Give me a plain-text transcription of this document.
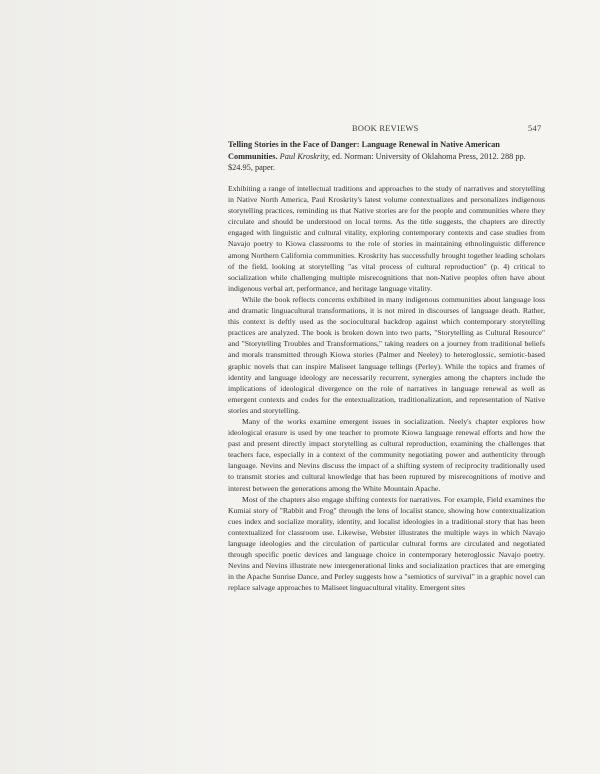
BOOK REVIEWS	547
Telling Stories in the Face of Danger: Language Renewal in Native American Communities. Paul Kroskrity, ed. Norman: University of Oklahoma Press, 2012. 288 pp. $24.95, paper.

Exhibiting a range of intellectual traditions and approaches to the study of narratives and storytelling in Native North America, Paul Kroskrity's latest volume contextualizes and personalizes indigenous storytelling practices, reminding us that Native stories are for the people and communities where they circulate and should be understood on local terms. As the title suggests, the chapters are directly engaged with linguistic and cultural vitality, exploring contemporary contexts and case studies from Navajo poetry to Kiowa classrooms to the role of stories in maintaining ethnolinguistic difference among Northern California communities. Kroskrity has successfully brought together leading scholars of the field, looking at storytelling "as vital process of cultural reproduction" (p. 4) critical to socialization while challenging multiple misrecognitions that non-Native peoples often have about indigenous verbal art, performance, and heritage language vitality.

While the book reflects concerns exhibited in many indigenous communities about language loss and dramatic linguacultural transformations, it is not mired in discourses of language death. Rather, this context is deftly used as the sociocultural backdrop against which contemporary storytelling practices are analyzed. The book is broken down into two parts, "Storytelling as Cultural Resource" and "Storytelling Troubles and Transformations," taking readers on a journey from traditional beliefs and morals transmitted through Kiowa stories (Palmer and Neeley) to heteroglossic, semiotic-based graphic novels that can inspire Maliseet language tellings (Perley). While the topics and frames of identity and language ideology are necessarily recurrent, synergies among the chapters include the implications of ideological divergence on the role of narratives in language renewal as well as emergent contexts and codes for the entextualization, traditionalization, and representation of Native stories and storytelling.

Many of the works examine emergent issues in socialization. Neely's chapter explores how ideological erasure is used by one teacher to promote Kiowa language renewal efforts and how the past and present directly impact storytelling as cultural reproduction, examining the challenges that teachers face, especially in a context of the community negotiating power and authenticity through language. Nevins and Nevins discuss the impact of a shifting system of reciprocity traditionally used to transmit stories and cultural knowledge that has been ruptured by misrecognitions of motive and interest between the generations among the White Mountain Apache.

Most of the chapters also engage shifting contexts for narratives. For example, Field examines the Kumiai story of "Rabbit and Frog" through the lens of localist stance, showing how contextualization cues index and socialize morality, identity, and localist ideologies in a traditional story that has been contextualized for classroom use. Likewise, Webster illustrates the multiple ways in which Navajo language ideologies and the circulation of particular cultural forms are circulated and negotiated through specific poetic devices and language choice in contemporary heteroglossic Navajo poetry. Nevins and Nevins illustrate new intergenerational links and socialization practices that are emerging in the Apache Sunrise Dance, and Perley suggests how a "semiotics of survival" in a graphic novel can replace salvage approaches to Maliseet linguacultural vitality. Emergent sites
